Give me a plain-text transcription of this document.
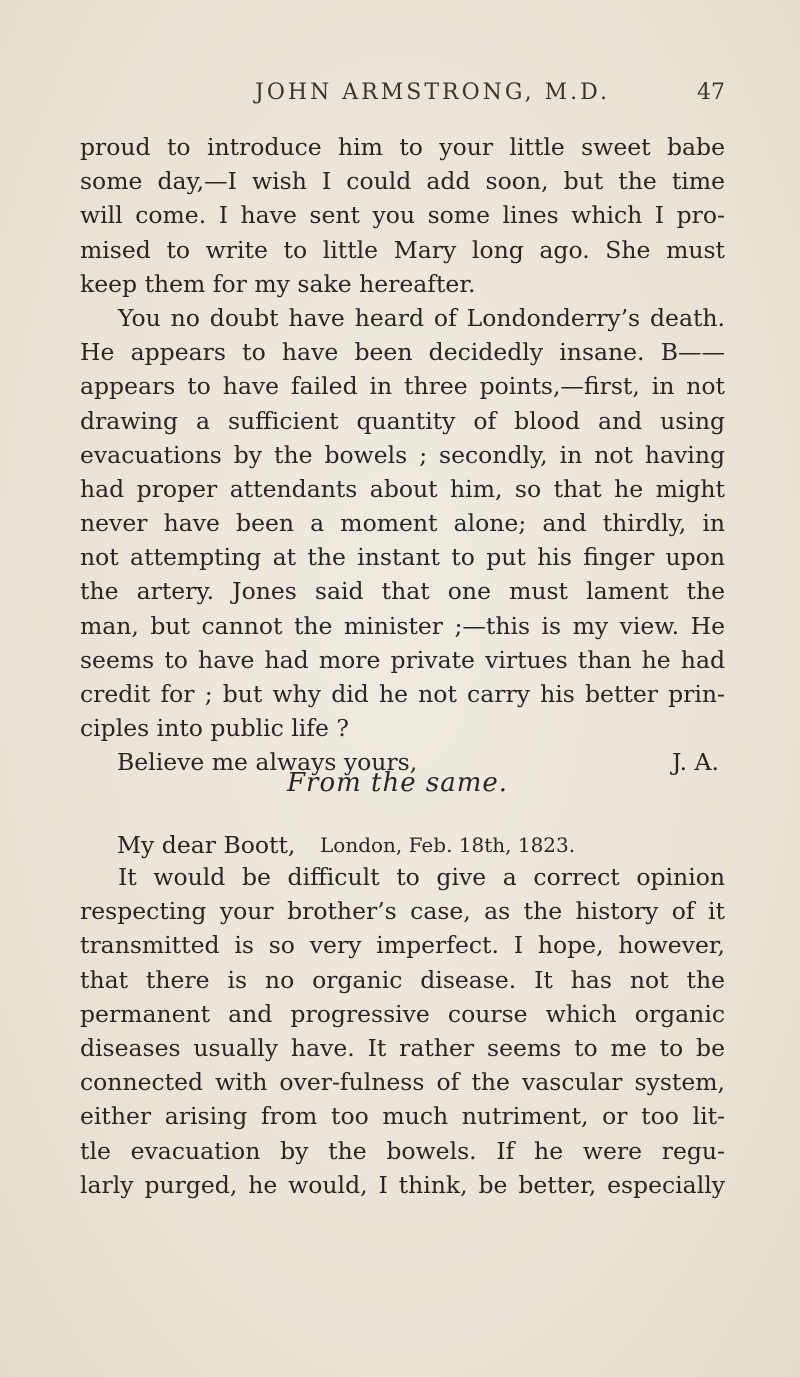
JOHN ARMSTRONG, M.D.	47
proud to introduce him to your little sweet babe
some day,—I wish I could add soon, but the time
will come. I have sent you some lines which I pro-
mised to write to little Mary long ago. She must
keep them for my sake hereafter.
You no doubt have heard of Londonderry’s death.
He appears to have been decidedly insane. B——
appears to have failed in three points,—first, in not
drawing a sufficient quantity of blood and using
evacuations by the bowels ; secondly, in not having
had proper attendants about him, so that he might
never have been a moment alone; and thirdly, in
not attempting at the instant to put his finger upon
the artery. Jones said that one must lament the
man, but cannot the minister ;—this is my view. He
seems to have had more private virtues than he had
credit for ; but why did he not carry his better prin-
ciples into public life ?
Believe me always yours,	J. A.
From the same.
My dear Boott, London, Feb. 18th, 1823.
It would be difficult to give a correct opinion
respecting your brother’s case, as the history of it
transmitted is so very imperfect. I hope, however,
that there is no organic disease. It has not the
permanent and progressive course which organic
diseases usually have. It rather seems to me to be
connected with over-fulness of the vascular system,
either arising from too much nutriment, or too lit-
tle evacuation by the bowels. If he were regu-
larly purged, he would, I think, be better, especially
